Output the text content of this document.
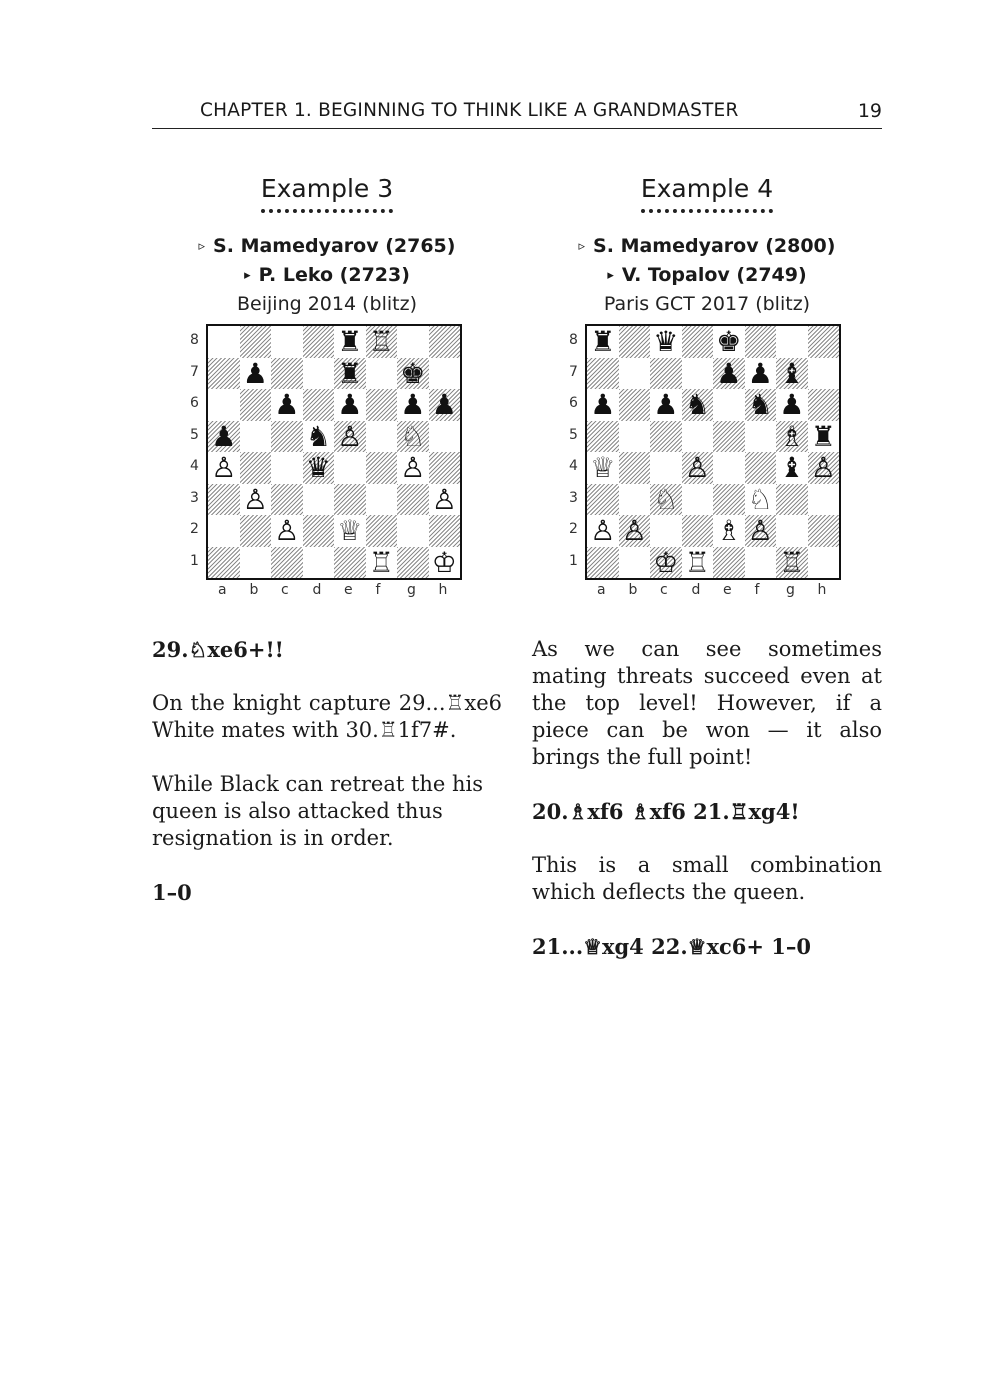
CHAPTER 1. BEGINNING TO THINK LIKE A GRANDMASTER	19
Example 3
▹ S. Mamedyarov (2765)
▸ P. Leko (2723)
Beijing 2014 (blitz)
Example 4
▹ S. Mamedyarov (2800)
▸ V. Topalov (2749)
Paris GCT 2017 (blitz)
♜ ♖
♟ ♜ ♚
♟ ♟ ♟ ♟
♟ ♞ ♙ ♘
♙ ♛ ♙
♙	♙
♙ ♕
♖ ♔
8
7
6
5
4
3
2
1
a b c d e f g h
♜ ♛ ♚
♟ ♟ ♝
♟ ♟ ♞ ♞ ♟
♗ ♜
♕ ♙ ♝ ♙
♘ ♘
♙ ♙ ♗ ♙
♔ ♖ ♖
8
7
6
5
4
3
2
1
a b c d e f g h

29.♘xe6+!!

On the knight capture 29...♖xe6 White mates with 30.♖1f7#.

While Black can retreat the his queen is also attacked thus resignation is in order.

1–0

As we can see sometimes mating threats succeed even at the top level! However, if a piece can be won — it also brings the full point!

20.♗xf6 ♗xf6 21.♖xg4!

This is a small combination which deflects the queen.

21...♕xg4 22.♕xc6+ 1–0
